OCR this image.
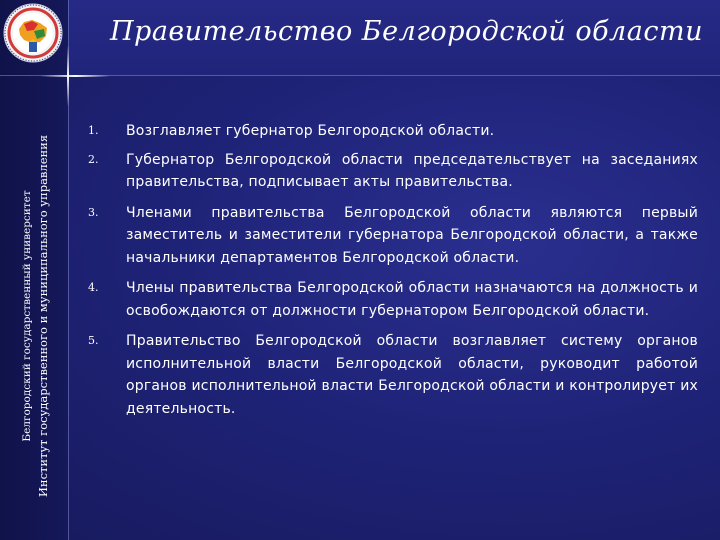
Правительство Белгородской области
Белгородский государственный университет Институт государственного и муниципального управления
1. Возглавляет губернатор Белгородской области.
2. Губернатор Белгородской области председательствует на заседаниях правительства, подписывает акты правительства.
3. Членами правительства Белгородской области являются первый заместитель и заместители губернатора Белгородской области, а также начальники департаментов Белгородской области.
4. Члены правительства Белгородской области назначаются на должность и освобождаются от должности губернатором Белгородской области.
5. Правительство Белгородской области возглавляет систему органов исполнительной власти Белгородской области, руководит работой органов исполнительной власти Белгородской области и контролирует их деятельность.
